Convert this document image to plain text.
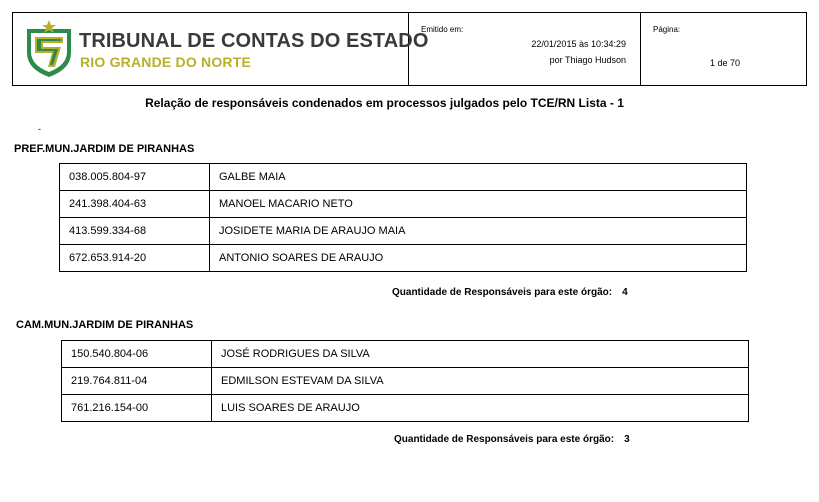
TRIBUNAL DE CONTAS DO ESTADO
RIO GRANDE DO NORTE
Emitido em:
22/01/2015 às 10:34:29
por Thiago Hudson
Página:
1 de 70
Relação de responsáveis condenados em processos julgados pelo TCE/RN Lista - 1
-
PREF.MUN.JARDIM DE PIRANHAS
038.005.804-97	GALBE MAIA
241.398.404-63	MANOEL MACARIO NETO
413.599.334-68	JOSIDETE MARIA DE ARAUJO MAIA
672.653.914-20	ANTONIO SOARES DE ARAUJO
Quantidade de Responsáveis para este órgão: 4
CAM.MUN.JARDIM DE PIRANHAS
150.540.804-06	JOSÉ RODRIGUES DA SILVA
219.764.811-04	EDMILSON ESTEVAM DA SILVA
761.216.154-00	LUIS SOARES DE ARAUJO
Quantidade de Responsáveis para este órgão: 3
